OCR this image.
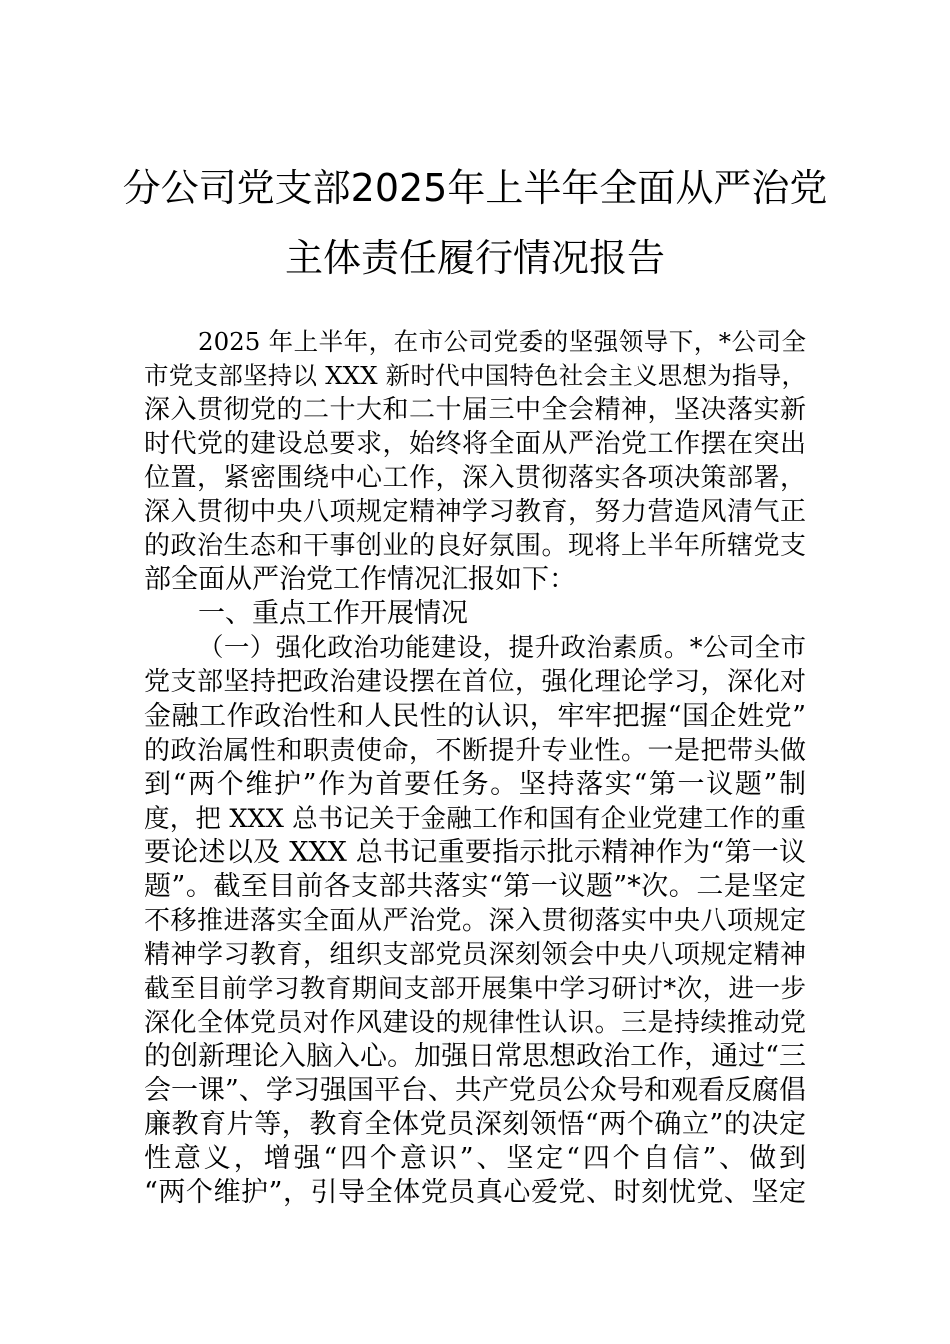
分公司党支部2025年上半年全面从严治党
主体责任履行情况报告
2025 年上半年，在市公司党委的坚强领导下，*公司全
市党支部坚持以 XXX 新时代中国特色社会主义思想为指导，
深入贯彻党的二十大和二十届三中全会精神，坚决落实新
时代党的建设总要求，始终将全面从严治党工作摆在突出
位置，紧密围绕中心工作，深入贯彻落实各项决策部署，
深入贯彻中央八项规定精神学习教育，努力营造风清气正
的政治生态和干事创业的良好氛围。现将上半年所辖党支
部全面从严治党工作情况汇报如下：
一、重点工作开展情况
（一）强化政治功能建设，提升政治素质。*公司全市
党支部坚持把政治建设摆在首位，强化理论学习，深化对
金融工作政治性和人民性的认识，牢牢把握“国企姓党”
的政治属性和职责使命，不断提升专业性。一是把带头做
到“两个维护”作为首要任务。坚持落实“第一议题”制
度，把 XXX 总书记关于金融工作和国有企业党建工作的重
要论述以及 XXX 总书记重要指示批示精神作为“第一议
题”。截至目前各支部共落实“第一议题”*次。二是坚定
不移推进落实全面从严治党。深入贯彻落实中央八项规定
精神学习教育，组织支部党员深刻领会中央八项规定精神
截至目前学习教育期间支部开展集中学习研讨*次，进一步
深化全体党员对作风建设的规律性认识。三是持续推动党
的创新理论入脑入心。加强日常思想政治工作，通过“三
会一课”、学习强国平台、共产党员公众号和观看反腐倡
廉教育片等，教育全体党员深刻领悟“两个确立”的决定
性意义，增强“四个意识”、坚定“四个自信”、做到
“两个维护”，引导全体党员真心爱党、时刻忧党、坚定
